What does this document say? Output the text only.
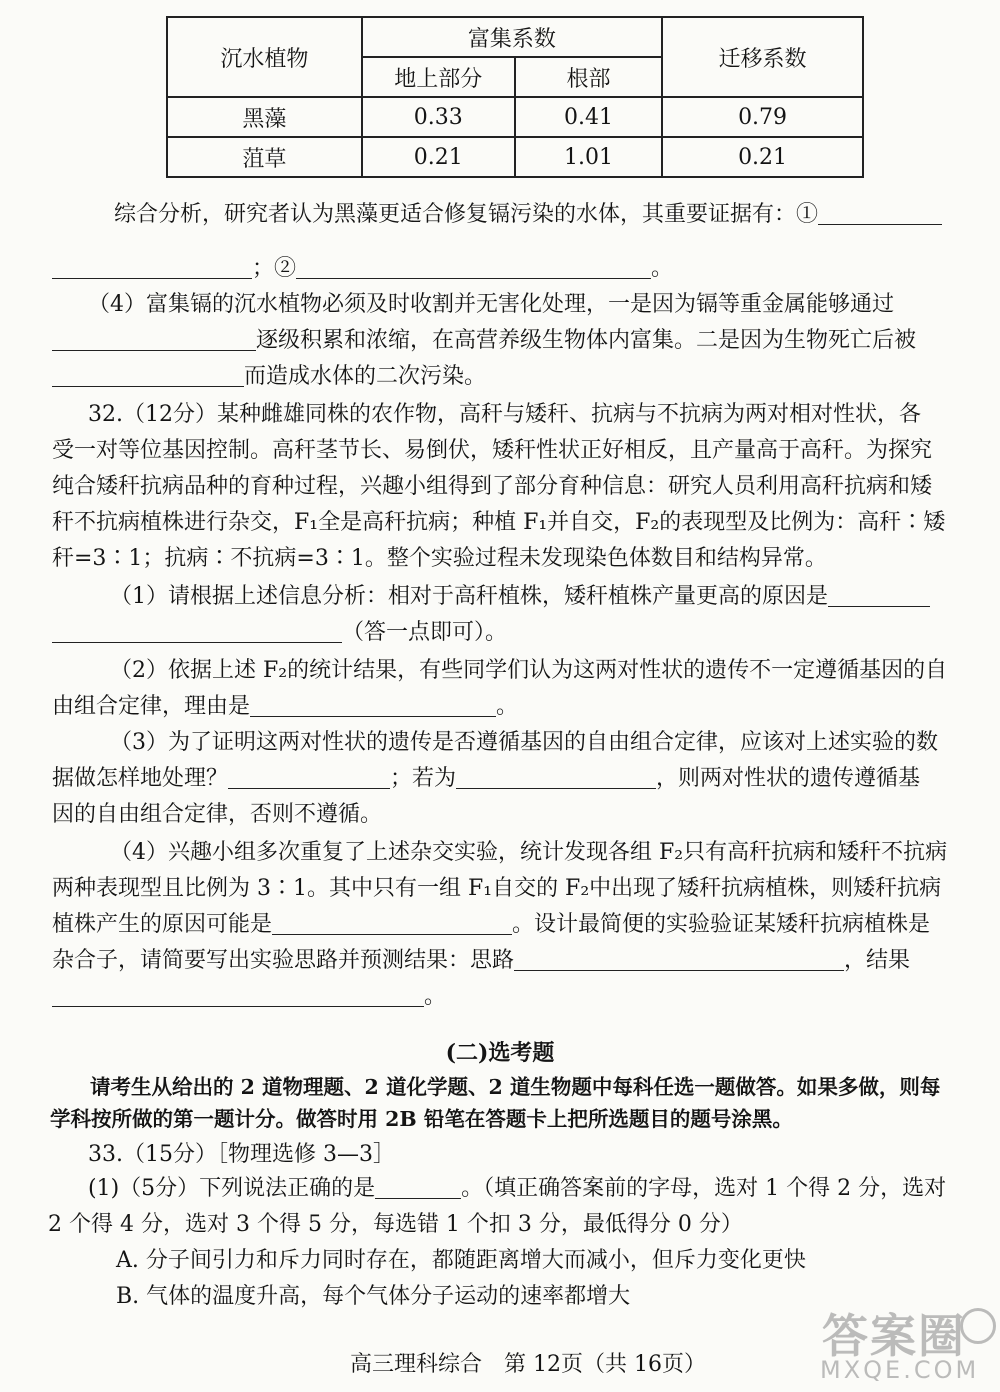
沉水植物	富集系数		迁移系数
	地上部分	根部	
黑藻	0.33	0.41	0.79
菹草	0.21	1.01	0.21
综合分析，研究者认为黑藻更适合修复镉污染的水体，其重要证据有：①
；②	。
（4）富集镉的沉水植物必须及时收割并无害化处理，一是因为镉等重金属能够通过
逐级积累和浓缩，在高营养级生物体内富集。二是因为生物死亡后被
而造成水体的二次污染。
32.（12分）某种雌雄同株的农作物，高秆与矮秆、抗病与不抗病为两对相对性状，各
受一对等位基因控制。高秆茎节长、易倒伏，矮秆性状正好相反，且产量高于高秆。为探究
纯合矮秆抗病品种的育种过程，兴趣小组得到了部分育种信息：研究人员利用高秆抗病和矮
秆不抗病植株进行杂交，F₁全是高秆抗病；种植 F₁并自交，F₂的表现型及比例为：高秆∶矮
秆=3∶1；抗病∶不抗病=3∶1。整个实验过程未发现染色体数目和结构异常。
（1）请根据上述信息分析：相对于高秆植株，矮秆植株产量更高的原因是
（答一点即可）。
（2）依据上述 F₂的统计结果，有些同学们认为这两对性状的遗传不一定遵循基因的自
由组合定律，理由是	。
（3）为了证明这两对性状的遗传是否遵循基因的自由组合定律，应该对上述实验的数
据做怎样地处理？	；若为	，则两对性状的遗传遵循基
因的自由组合定律，否则不遵循。
（4）兴趣小组多次重复了上述杂交实验，统计发现各组 F₂只有高秆抗病和矮秆不抗病
两种表现型且比例为 3∶1。其中只有一组 F₁自交的 F₂中出现了矮秆抗病植株，则矮秆抗病
植株产生的原因可能是	。设计最简便的实验验证某矮秆抗病植株是
杂合子，请简要写出实验思路并预测结果：思路	，结果
。
(二)选考题
请考生从给出的 2 道物理题、2 道化学题、2 道生物题中每科任选一题做答。如果多做，则每
学科按所做的第一题计分。做答时用 2B 铅笔在答题卡上把所选题目的题号涂黑。
33.（15分）［物理选修 3—3］
(1)（5分）下列说法正确的是	。（填正确答案前的字母，选对 1 个得 2 分，选对
2 个得 4 分，选对 3 个得 5 分，每选错 1 个扣 3 分，最低得分 0 分）
A. 分子间引力和斥力同时存在，都随距离增大而减小，但斥力变化更快
B. 气体的温度升高，每个气体分子运动的速率都增大
高三理科综合　第 12页（共 16页）
答案圈
MXQE.COM
